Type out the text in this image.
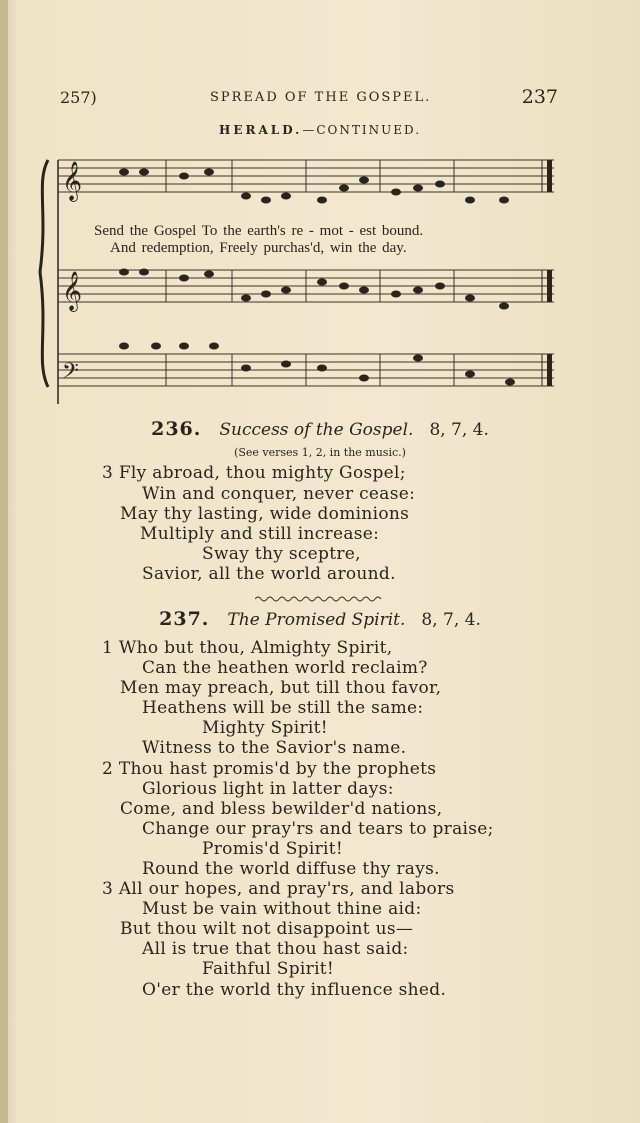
257)	SPREAD OF THE GOSPEL.	237
HERALD.—CONTINUED.
𝄞
𝄞
𝄢
Send the Gospel To the earth's re - mot - est bound.
And redemption, Freely purchas'd, win the day.
236. Success of the Gospel. 8, 7, 4.
(See verses 1, 2, in the music.)
3 Fly abroad, thou mighty Gospel;
Win and conquer, never cease:
May thy lasting, wide dominions
Multiply and still increase:
Sway thy sceptre,
Savior, all the world around.
237. The Promised Spirit. 8, 7, 4.
1 Who but thou, Almighty Spirit,
Can the heathen world reclaim?
Men may preach, but till thou favor,
Heathens will be still the same:
Mighty Spirit!
Witness to the Savior's name.
2 Thou hast promis'd by the prophets
Glorious light in latter days:
Come, and bless bewilder'd nations,
Change our pray'rs and tears to praise;
Promis'd Spirit!
Round the world diffuse thy rays.
3 All our hopes, and pray'rs, and labors
Must be vain without thine aid:
But thou wilt not disappoint us—
All is true that thou hast said:
Faithful Spirit!
O'er the world thy influence shed.
